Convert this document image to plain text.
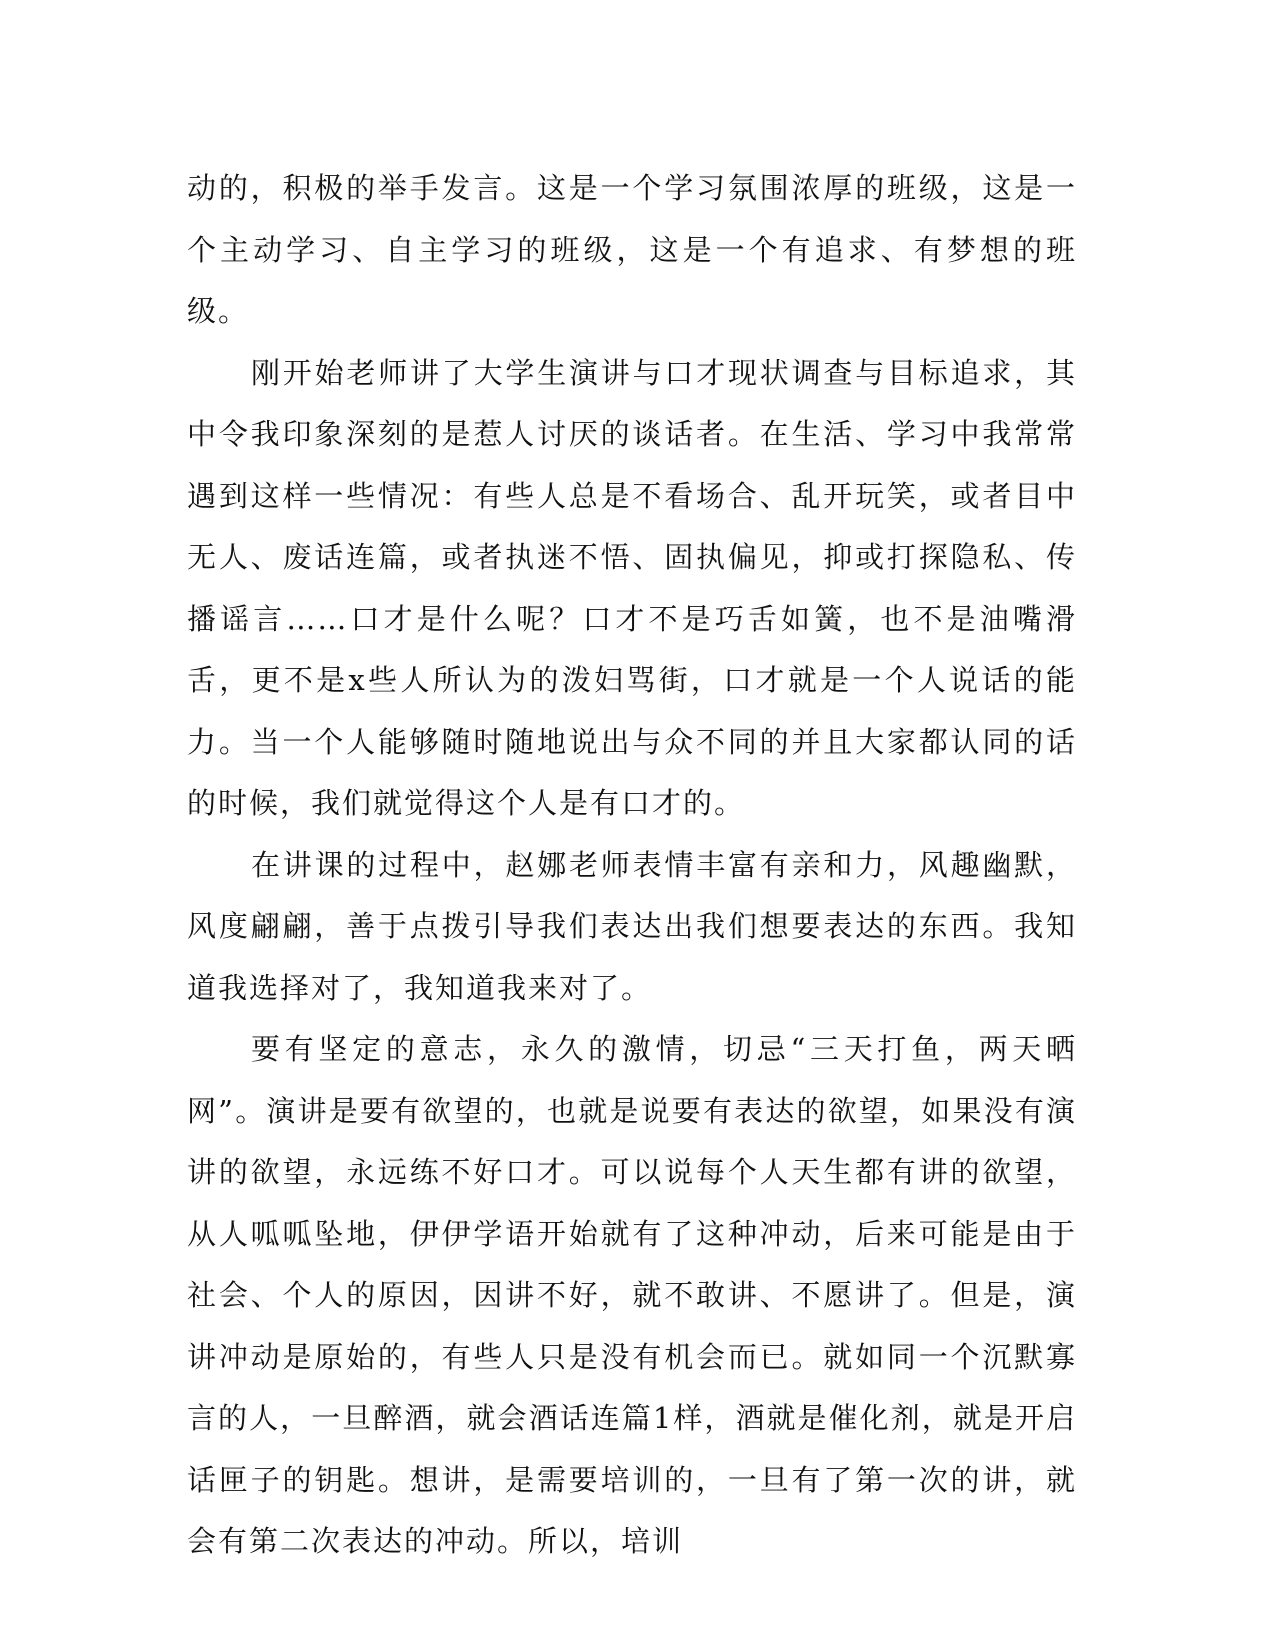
动的，积极的举手发言。这是一个学习氛围浓厚的班级，这是一个主动学习、自主学习的班级，这是一个有追求、有梦想的班级。

刚开始老师讲了大学生演讲与口才现状调查与目标追求，其中令我印象深刻的是惹人讨厌的谈话者。在生活、学习中我常常遇到这样一些情况：有些人总是不看场合、乱开玩笑，或者目中无人、废话连篇，或者执迷不悟、固执偏见，抑或打探隐私、传播谣言……口才是什么呢？口才不是巧舌如簧，也不是油嘴滑舌，更不是x些人所认为的泼妇骂街，口才就是一个人说话的能力。当一个人能够随时随地说出与众不同的并且大家都认同的话的时候，我们就觉得这个人是有口才的。

在讲课的过程中，赵娜老师表情丰富有亲和力，风趣幽默，风度翩翩，善于点拨引导我们表达出我们想要表达的东西。我知道我选择对了，我知道我来对了。

要有坚定的意志，永久的激情，切忌“三天打鱼，两天晒网”。演讲是要有欲望的，也就是说要有表达的欲望，如果没有演讲的欲望，永远练不好口才。可以说每个人天生都有讲的欲望，从人呱呱坠地，伊伊学语开始就有了这种冲动，后来可能是由于社会、个人的原因，因讲不好，就不敢讲、不愿讲了。但是，演讲冲动是原始的，有些人只是没有机会而已。就如同一个沉默寡言的人，一旦醉酒，就会酒话连篇1样，酒就是催化剂，就是开启话匣子的钥匙。想讲，是需要培训的，一旦有了第一次的讲，就会有第二次表达的冲动。所以，培训
